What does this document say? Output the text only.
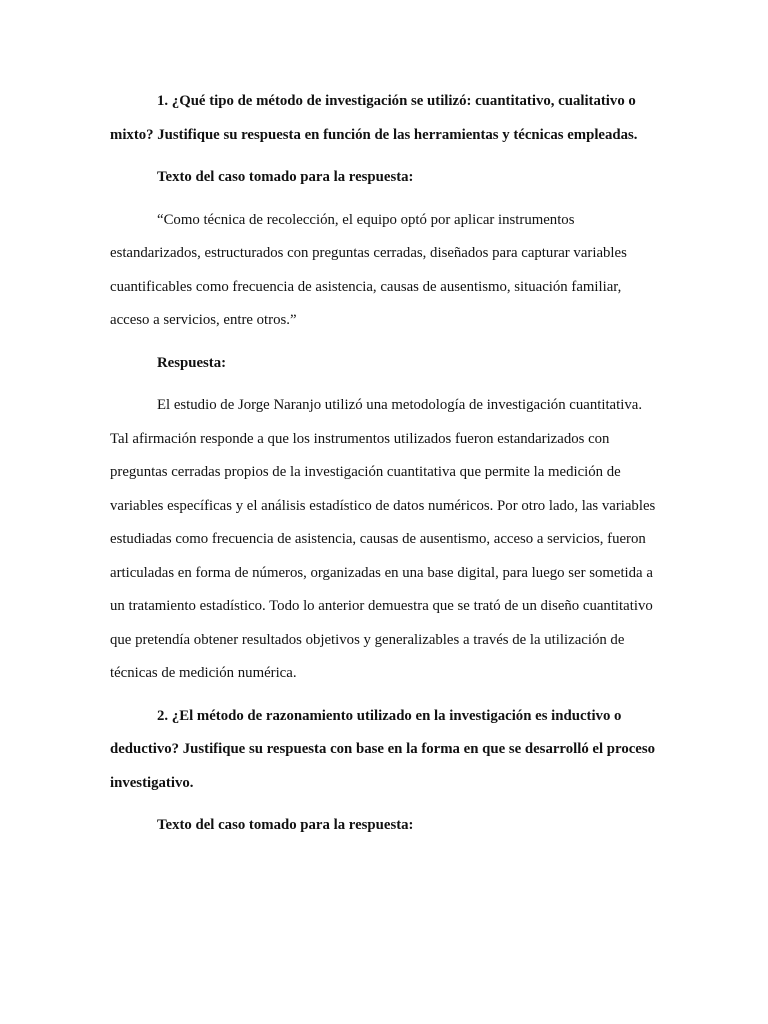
1. ¿Qué tipo de método de investigación se utilizó: cuantitativo, cualitativo o mixto? Justifique su respuesta en función de las herramientas y técnicas empleadas.

Texto del caso tomado para la respuesta:

“Como técnica de recolección, el equipo optó por aplicar instrumentos estandarizados, estructurados con preguntas cerradas, diseñados para capturar variables cuantificables como frecuencia de asistencia, causas de ausentismo, situación familiar, acceso a servicios, entre otros.”

Respuesta:

El estudio de Jorge Naranjo utilizó una metodología de investigación cuantitativa. Tal afirmación responde a que los instrumentos utilizados fueron estandarizados con preguntas cerradas propios de la investigación cuantitativa que permite la medición de variables específicas y el análisis estadístico de datos numéricos. Por otro lado, las variables estudiadas como frecuencia de asistencia, causas de ausentismo, acceso a servicios, fueron articuladas en forma de números, organizadas en una base digital, para luego ser sometida a un tratamiento estadístico. Todo lo anterior demuestra que se trató de un diseño cuantitativo que pretendía obtener resultados objetivos y generalizables a través de la utilización de técnicas de medición numérica.

2. ¿El método de razonamiento utilizado en la investigación es inductivo o deductivo? Justifique su respuesta con base en la forma en que se desarrolló el proceso investigativo.

Texto del caso tomado para la respuesta:
